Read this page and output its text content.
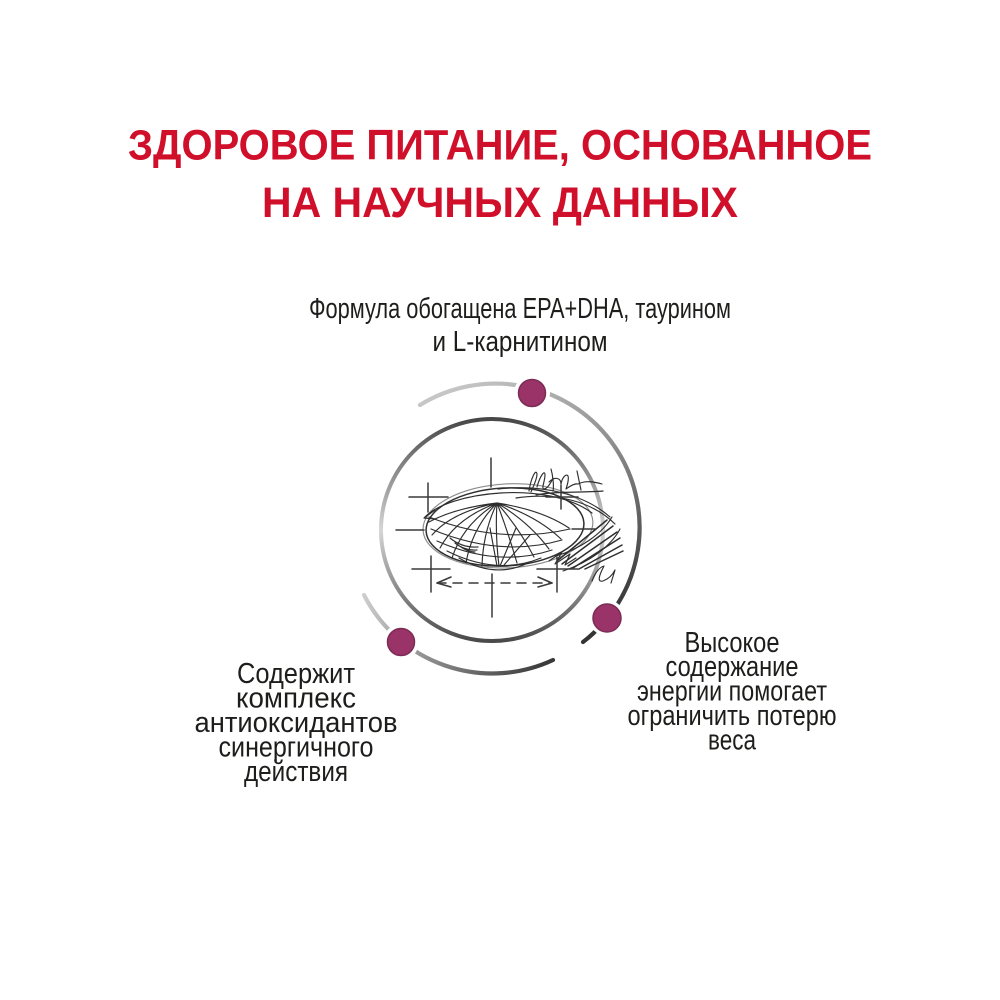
ЗДОРОВОЕ ПИТАНИЕ, ОСНОВАННОЕ
НА НАУЧНЫХ ДАННЫХ
Формула обогащена EPA+DHA, таурином
и L-карнитином
Содержит
комплекс
антиоксидантов
синергичного
действия
Высокое
содержание
энергии помогает
ограничить потерю
веса
